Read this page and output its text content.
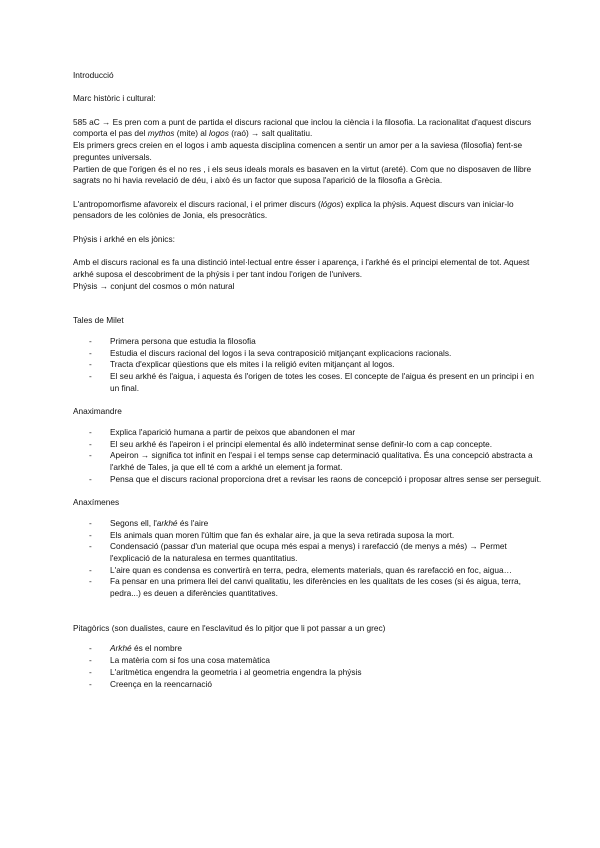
Introducció

Marc històric i cultural:

585 aC → Es pren com a punt de partida el discurs racional que inclou la ciència i la filosofia. La racionalitat d'aquest discurs comporta el pas del mythos (mite) al logos (raó) → salt qualitatiu.

Els primers grecs creien en el logos i amb aquesta disciplina comencen a sentir un amor per a la saviesa (filosofia) fent-se preguntes universals.

Partien de que l'origen és el no res , i els seus ideals morals es basaven en la virtut (areté). Com que no disposaven de llibre sagrats no hi havia revelació de déu, i això és un factor que suposa l'aparició de la filosofia a Grècia.

L'antropomorfisme afavoreix el discurs racional, i el primer discurs (lógos) explica la phýsis. Aquest discurs van iniciar-lo pensadors de les colònies de Jonia, els presocràtics.

Phýsis i arkhé en els jònics:

Amb el discurs racional es fa una distinció intel·lectual entre ésser i aparença, i l'arkhé és el principi elemental de tot. Aquest arkhé suposa el descobriment de la phýsis i per tant indou l'origen de l'univers.

Phýsis → conjunt del cosmos o món natural

Tales de Milet

- Primera persona que estudia la filosofia
- Estudia el discurs racional del logos i la seva contraposició mitjançant explicacions racionals.
- Tracta d'explicar qüestions que els mites i la religió eviten mitjançant al logos.
- El seu arkhé és l'aigua, i aquesta és l'origen de totes les coses. El concepte de l'aigua és present en un principi i en un final.

Anaximandre

- Explica l'aparició humana a partir de peixos que abandonen el mar
- El seu arkhé és l'apeiron i el principi elemental és allò indeterminat sense definir-lo com a cap concepte.
- Apeiron → significa tot infinit en l'espai i el temps sense cap determinació qualitativa. És una concepció abstracta a l'arkhé de Tales, ja que ell té com a arkhé un element ja format.
- Pensa que el discurs racional proporciona dret a revisar les raons de concepció i proposar altres sense ser perseguit.

Anaxímenes

- Segons ell, l'arkhé és l'aire
- Els animals quan moren l'últim que fan és exhalar aire, ja que la seva retirada suposa la mort.
- Condensació (passar d'un material que ocupa més espai a menys) i rarefacció (de menys a més) → Permet l'explicació de la naturalesa en termes quantitatius.
- L'aire quan es condensa es convertirà en terra, pedra, elements materials, quan és rarefacció en foc, aigua…
- Fa pensar en una primera llei del canvi qualitatiu, les diferències en les qualitats de les coses (si és aigua, terra, pedra...) es deuen a diferències quantitatives.

Pitagòrics (son dualistes, caure en l'esclavitud és lo pitjor que li pot passar a un grec)

- Arkhé és el nombre
- La matèria com si fos una cosa matemàtica
- L'aritmètica engendra la geometria i al geometria engendra la phýsis
- Creença en la reencarnació
